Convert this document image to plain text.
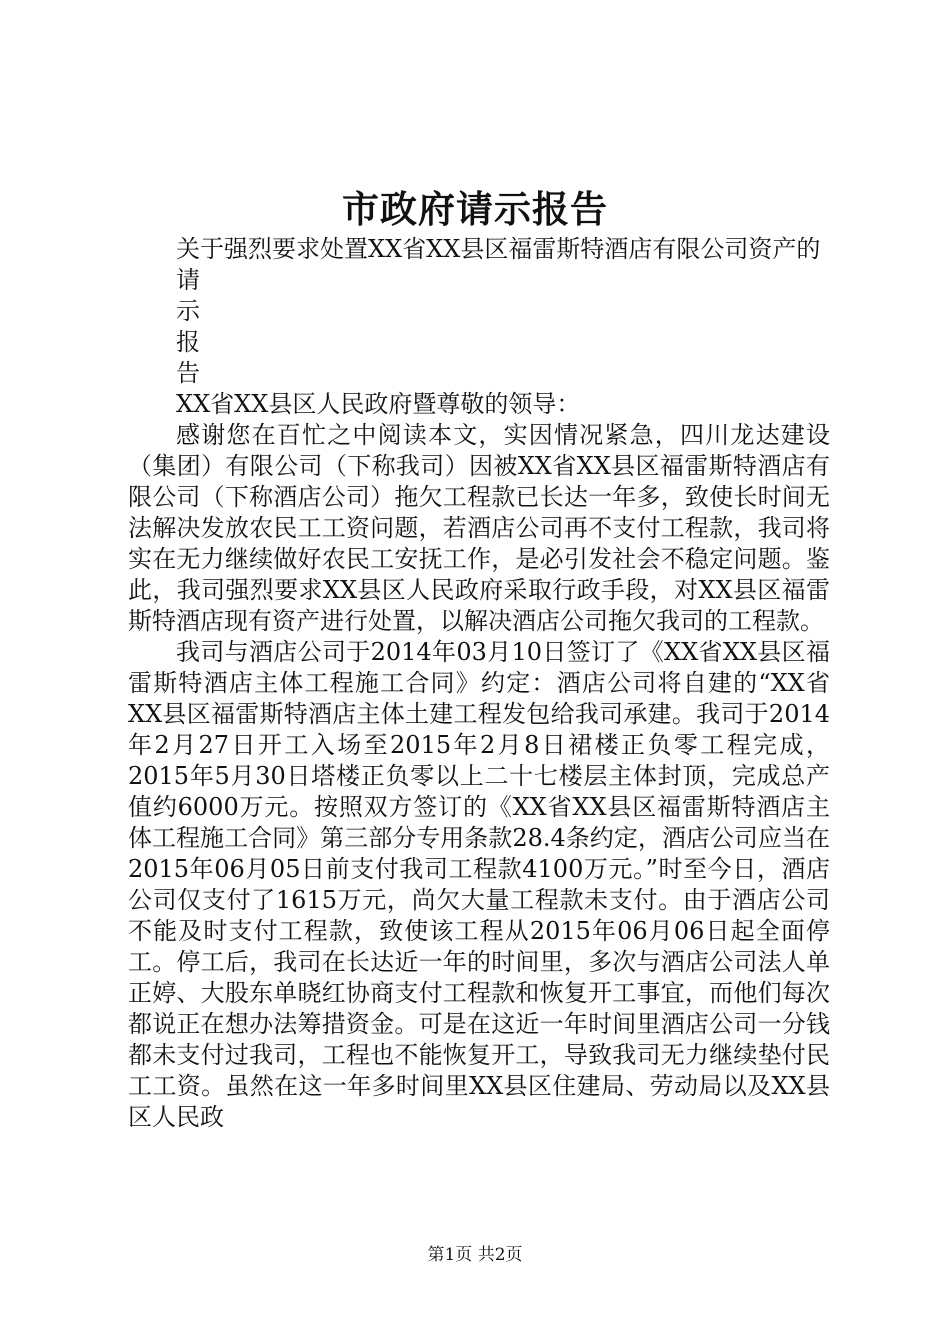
市政府请示报告

关于强烈要求处置XX省XX县区福雷斯特酒店有限公司资产的

请

示

报

告

XX省XX县区人民政府暨尊敬的领导：

感谢您在百忙之中阅读本文，实因情况紧急，四川龙达建设（集团）有限公司（下称我司）因被XX省XX县区福雷斯特酒店有限公司（下称酒店公司）拖欠工程款已长达一年多，致使长时间无法解决发放农民工工资问题，若酒店公司再不支付工程款，我司将实在无力继续做好农民工安抚工作，是必引发社会不稳定问题。鉴此，我司强烈要求XX县区人民政府采取行政手段，对XX县区福雷斯特酒店现有资产进行处置，以解决酒店公司拖欠我司的工程款。

我司与酒店公司于2014年03月10日签订了《XX省XX县区福雷斯特酒店主体工程施工合同》约定：酒店公司将自建的“XX省XX县区福雷斯特酒店主体土建工程发包给我司承建。我司于2014年2月27日开工入场至2015年2月8日裙楼正负零工程完成，2015年5月30日塔楼正负零以上二十七楼层主体封顶，完成总产值约6000万元。按照双方签订的《XX省XX县区福雷斯特酒店主体工程施工合同》第三部分专用条款28.4条约定，酒店公司应当在2015年06月05日前支付我司工程款4100万元。”时至今日，酒店公司仅支付了1615万元，尚欠大量工程款未支付。由于酒店公司不能及时支付工程款，致使该工程从2015年06月06日起全面停工。停工后，我司在长达近一年的时间里，多次与酒店公司法人单正婷、大股东单晓红协商支付工程款和恢复开工事宜，而他们每次都说正在想办法筹措资金。可是在这近一年时间里酒店公司一分钱都未支付过我司，工程也不能恢复开工，导致我司无力继续垫付民工工资。虽然在这一年多时间里XX县区住建局、劳动局以及XX县区人民政

第1页 共2页
